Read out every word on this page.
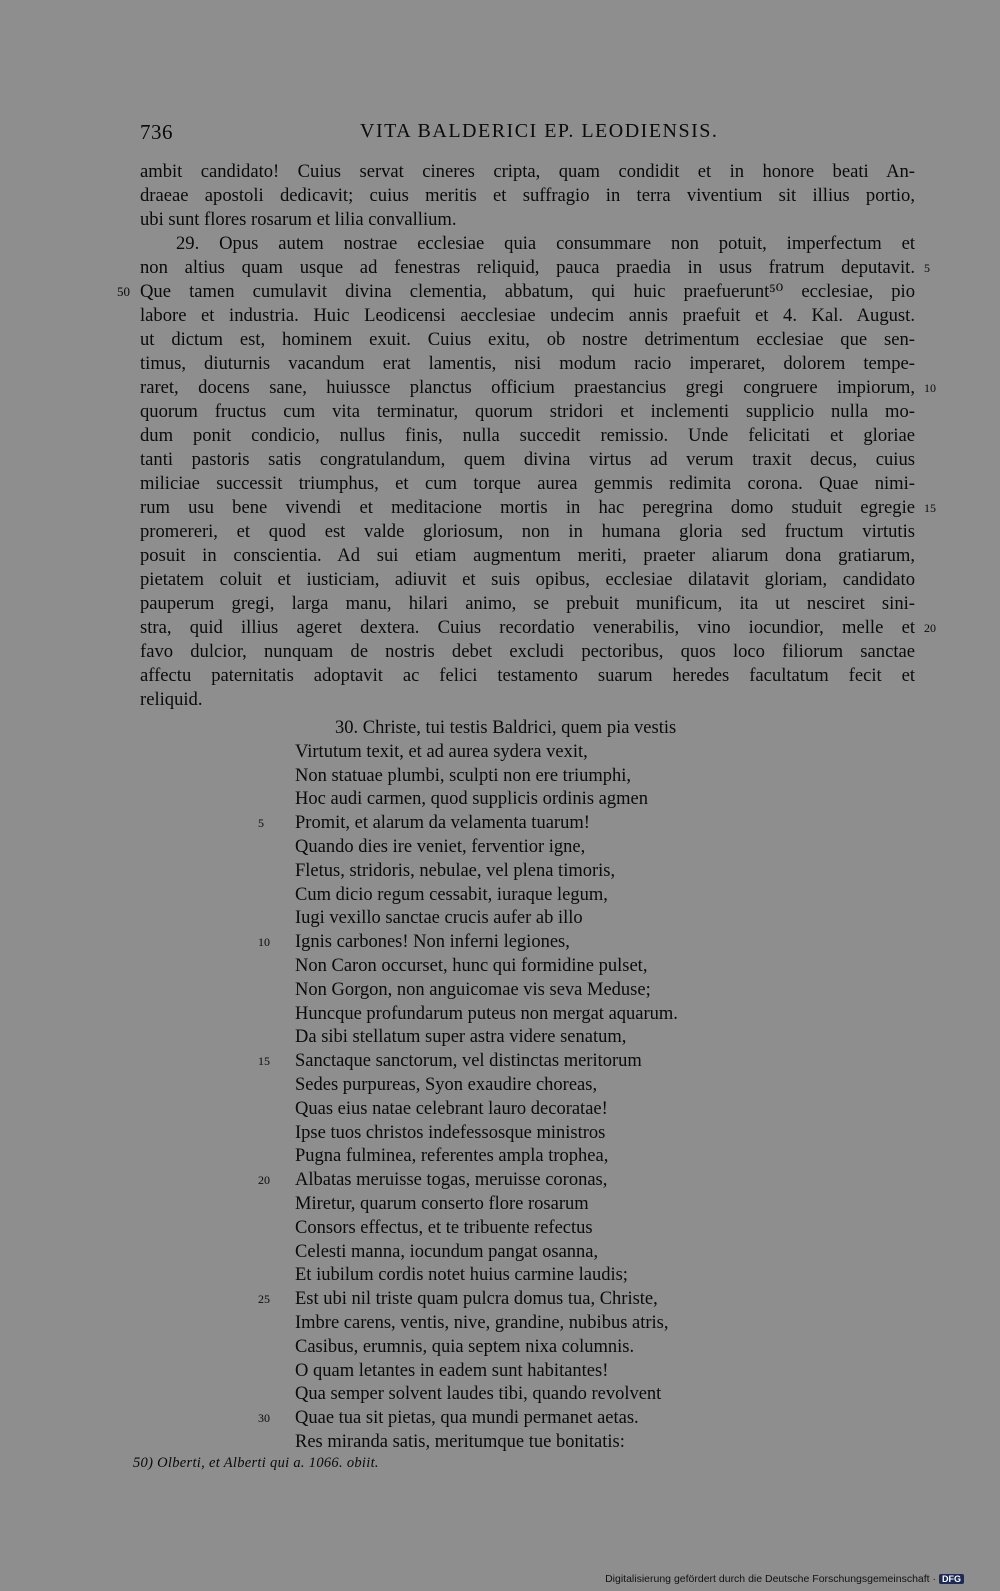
736	VITA BALDERICI EP. LEODIENSIS.
ambit candidato! Cuius servat cineres cripta, quam condidit et in honore beati An-
draeae apostoli dedicavit; cuius meritis et suffragio in terra viventium sit illius portio,
ubi sunt flores rosarum et lilia convallium.
29. Opus autem nostrae ecclesiae quia consummare non potuit, imperfectum et
non altius quam usque ad fenestras reliquid, pauca praedia in usus fratrum deputavit.
Que tamen cumulavit divina clementia, abbatum, qui huic praefuerunt⁵⁰ ecclesiae, pio
labore et industria. Huic Leodicensi aecclesiae undecim annis praefuit et 4. Kal. August.
ut dictum est, hominem exuit. Cuius exitu, ob nostre detrimentum ecclesiae que sen-
timus, diuturnis vacandum erat lamentis, nisi modum racio imperaret, dolorem tempe-
raret, docens sane, huiussce planctus officium praestancius gregi congruere impiorum,
quorum fructus cum vita terminatur, quorum stridori et inclementi supplicio nulla mo-
dum ponit condicio, nullus finis, nulla succedit remissio. Unde felicitati et gloriae
tanti pastoris satis congratulandum, quem divina virtus ad verum traxit decus, cuius
miliciae successit triumphus, et cum torque aurea gemmis redimita corona. Quae nimi-
rum usu bene vivendi et meditacione mortis in hac peregrina domo studuit egregie
promereri, et quod est valde gloriosum, non in humana gloria sed fructum virtutis
posuit in conscientia. Ad sui etiam augmentum meriti, praeter aliarum dona gratiarum,
pietatem coluit et iusticiam, adiuvit et suis opibus, ecclesiae dilatavit gloriam, candidato
pauperum gregi, larga manu, hilari animo, se prebuit munificum, ita ut nesciret sini-
stra, quid illius ageret dextera. Cuius recordatio venerabilis, vino iocundior, melle et
favo dulcior, nunquam de nostris debet excludi pectoribus, quos loco filiorum sanctae
affectu paternitatis adoptavit ac felici testamento suarum heredes facultatum fecit et
reliquid.
5
10
15
20
50
30. Christe, tui testis Baldrici, quem pia vestis
Virtutum texit, et ad aurea sydera vexit,
Non statuae plumbi, sculpti non ere triumphi,
Hoc audi carmen, quod supplicis ordinis agmen
Promit, et alarum da velamenta tuarum!
Quando dies ire veniet, ferventior igne,
Fletus, stridoris, nebulae, vel plena timoris,
Cum dicio regum cessabit, iuraque legum,
Iugi vexillo sanctae crucis aufer ab illo
Ignis carbones! Non inferni legiones,
Non Caron occurset, hunc qui formidine pulset,
Non Gorgon, non anguicomae vis seva Meduse;
Huncque profundarum puteus non mergat aquarum.
Da sibi stellatum super astra videre senatum,
Sanctaque sanctorum, vel distinctas meritorum
Sedes purpureas, Syon exaudire choreas,
Quas eius natae celebrant lauro decoratae!
Ipse tuos christos indefessosque ministros
Pugna fulminea, referentes ampla trophea,
Albatas meruisse togas, meruisse coronas,
Miretur, quarum conserto flore rosarum
Consors effectus, et te tribuente refectus
Celesti manna, iocundum pangat osanna,
Et iubilum cordis notet huius carmine laudis;
Est ubi nil triste quam pulcra domus tua, Christe,
Imbre carens, ventis, nive, grandine, nubibus atris,
Casibus, erumnis, quia septem nixa columnis.
O quam letantes in eadem sunt habitantes!
Qua semper solvent laudes tibi, quando revolvent
Quae tua sit pietas, qua mundi permanet aetas.
Res miranda satis, meritumque tue bonitatis:
5
10
15
20
25
30
50) Olberti, et Alberti qui a. 1066. obiit.
Digitalisierung gefördert durch die Deutsche Forschungsgemeinschaft · DFG
